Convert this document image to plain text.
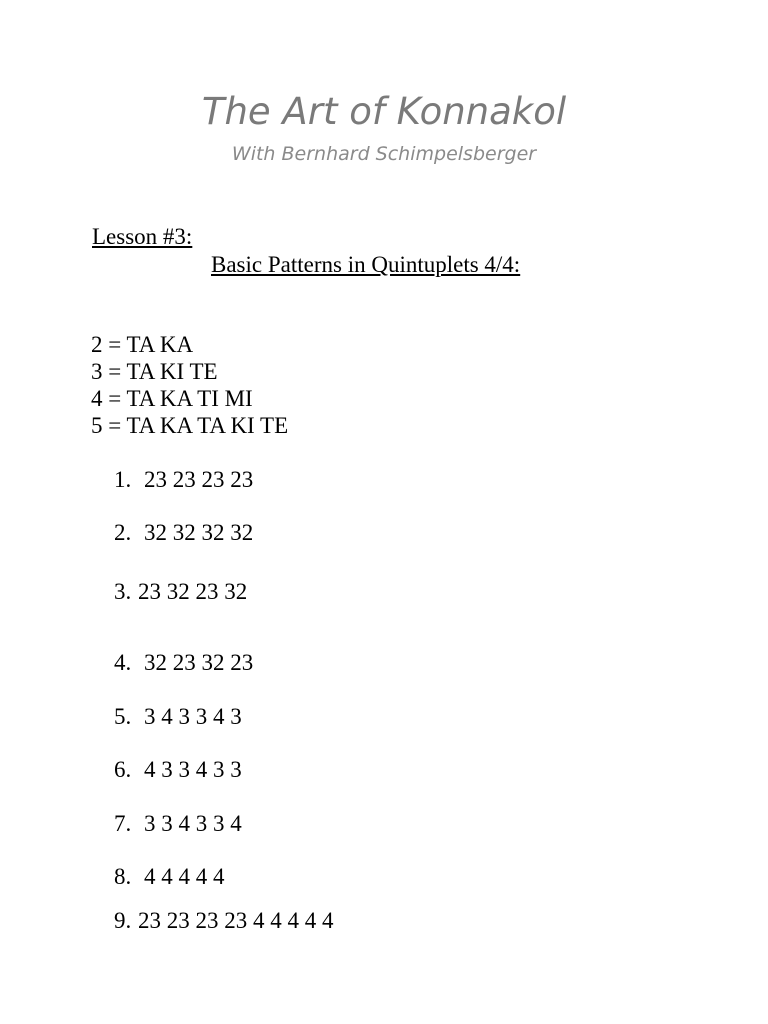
The Art of Konnakol
With Bernhard Schimpelsberger
Lesson #3:
Basic Patterns in Quintuplets 4/4:
2 = TA KA
3 = TA KI TE
4 = TA KA TI MI
5 = TA KA TA KI TE
1. 23 23 23 23
2. 32 32 32 32
3. 23 32 23 32
4. 32 23 32 23
5. 3 4 3 3 4 3
6. 4 3 3 4 3 3
7. 3 3 4 3 3 4
8. 4 4 4 4 4
9. 23 23 23 23 4 4 4 4 4
